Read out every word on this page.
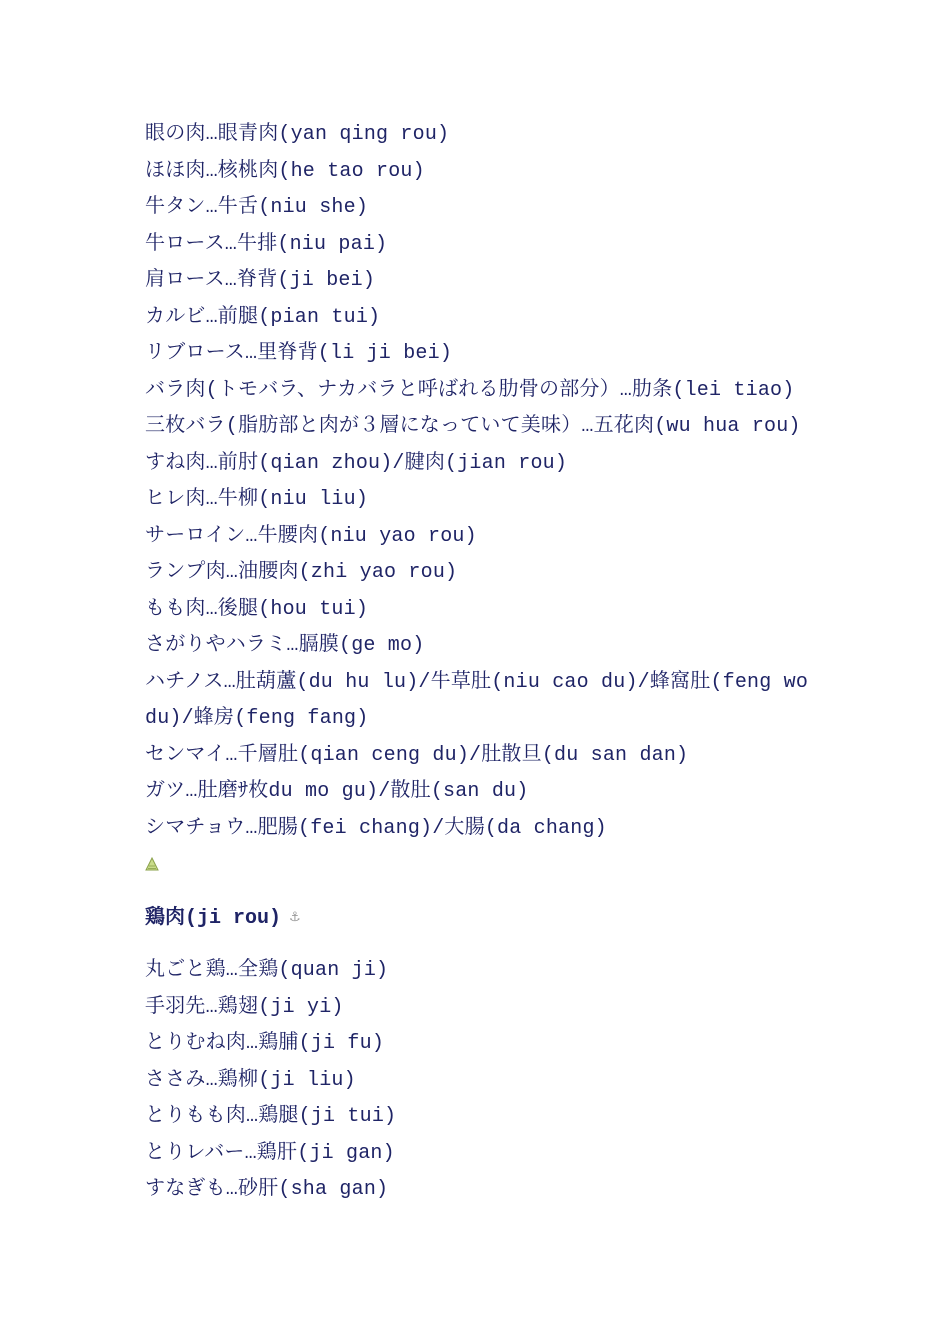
眼の肉…眼青肉(yan qing rou)
ほほ肉…核桃肉(he tao rou)
牛タン…牛舌(niu she)
牛ロース…牛排(niu pai)
肩ロース…脊背(ji bei)
カルビ…前腿(pian tui)
リブロース…里脊背(li ji bei)
バラ肉(トモバラ、ナカバラと呼ばれる肋骨の部分）…肋条(lei tiao)
三枚バラ(脂肪部と肉が３層になっていて美味）…五花肉(wu hua rou)
すね肉…前肘(qian zhou)/腱肉(jian rou)
ヒレ肉…牛柳(niu liu)
サーロイン…牛腰肉(niu yao rou)
ランプ肉…油腰肉(zhi yao rou)
もも肉…後腿(hou tui)
さがりやハラミ…膈膜(ge mo)
ハチノス…肚葫蘆(du hu lu)/牛草肚(niu cao du)/蜂窩肚(feng wo du)/蜂房(feng fang)
センマイ…千層肚(qian ceng du)/肚散旦(du san dan)
ガツ…肚磨ｻ枚du mo gu)/散肚(san du)
シマチョウ…肥腸(fei chang)/大腸(da chang)
鶏肉(ji rou) ⚓
丸ごと鶏…全鶏(quan ji)
手羽先…鶏翅(ji yi)
とりむね肉…鶏脯(ji fu)
ささみ…鶏柳(ji liu)
とりもも肉…鶏腿(ji tui)
とりレバー…鶏肝(ji gan)
すなぎも…砂肝(sha gan)
